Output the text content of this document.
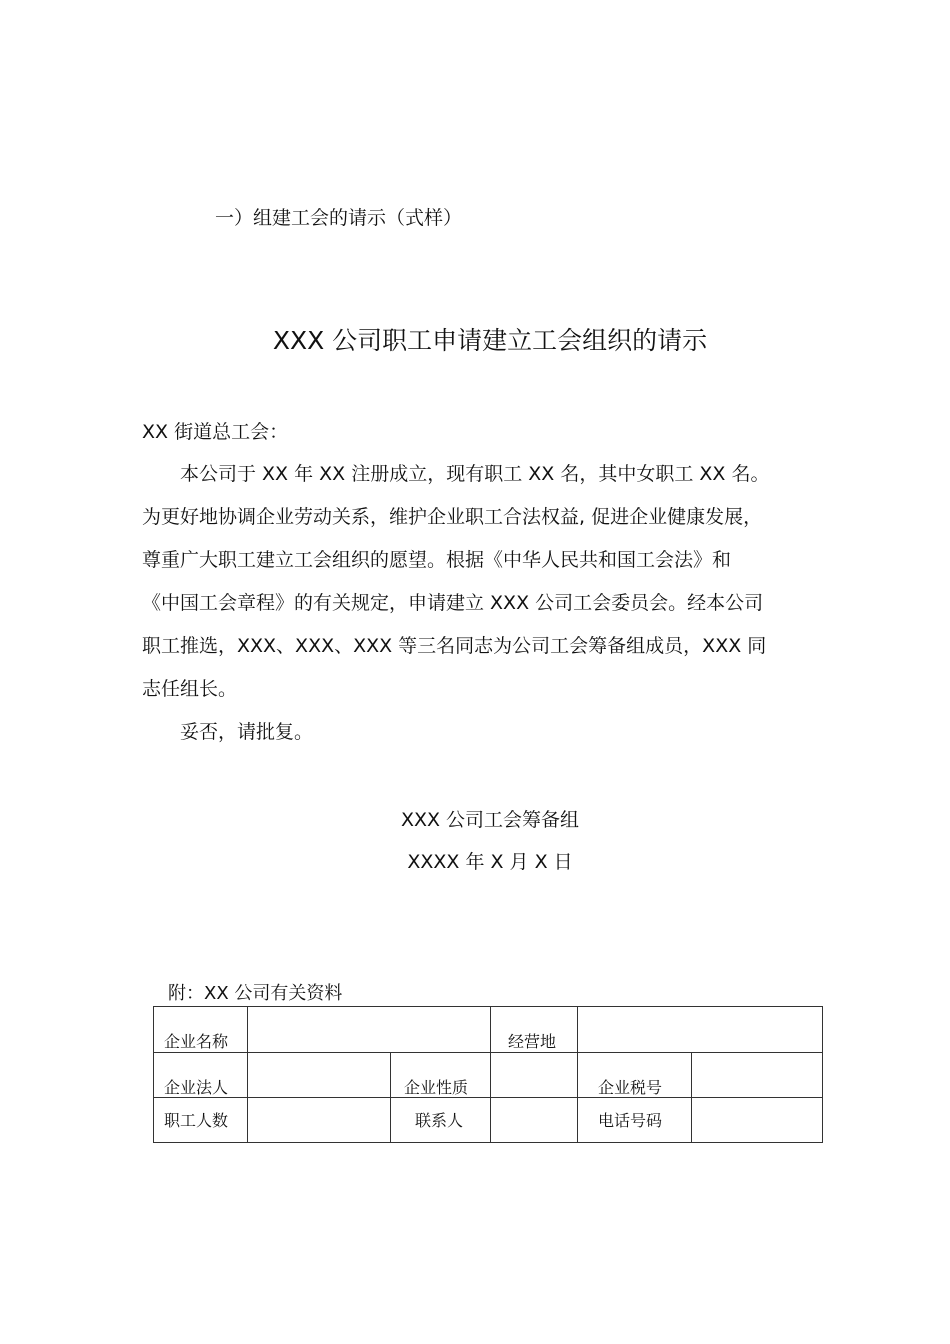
一）组建工会的请示（式样）
XXX 公司职工申请建立工会组织的请示
XX 街道总工会：
　　本公司于 XX 年 XX 注册成立，现有职工 XX 名，其中女职工 XX 名。
为更好地协调企业劳动关系，维护企业职工合法权益, 促进企业健康发展，
尊重广大职工建立工会组织的愿望。根据《中华人民共和国工会法》和
《中国工会章程》的有关规定，申请建立 XXX 公司工会委员会。经本公司
职工推选，XXX、XXX、XXX 等三名同志为公司工会筹备组成员，XXX 同
志任组长。
　　妥否，请批复。
XXX 公司工会筹备组
XXXX 年 X 月 X 日
附：XX 公司有关资料
企业名称	经营地
企业法人	企业性质	企业税号
职工人数	联系人	电话号码
